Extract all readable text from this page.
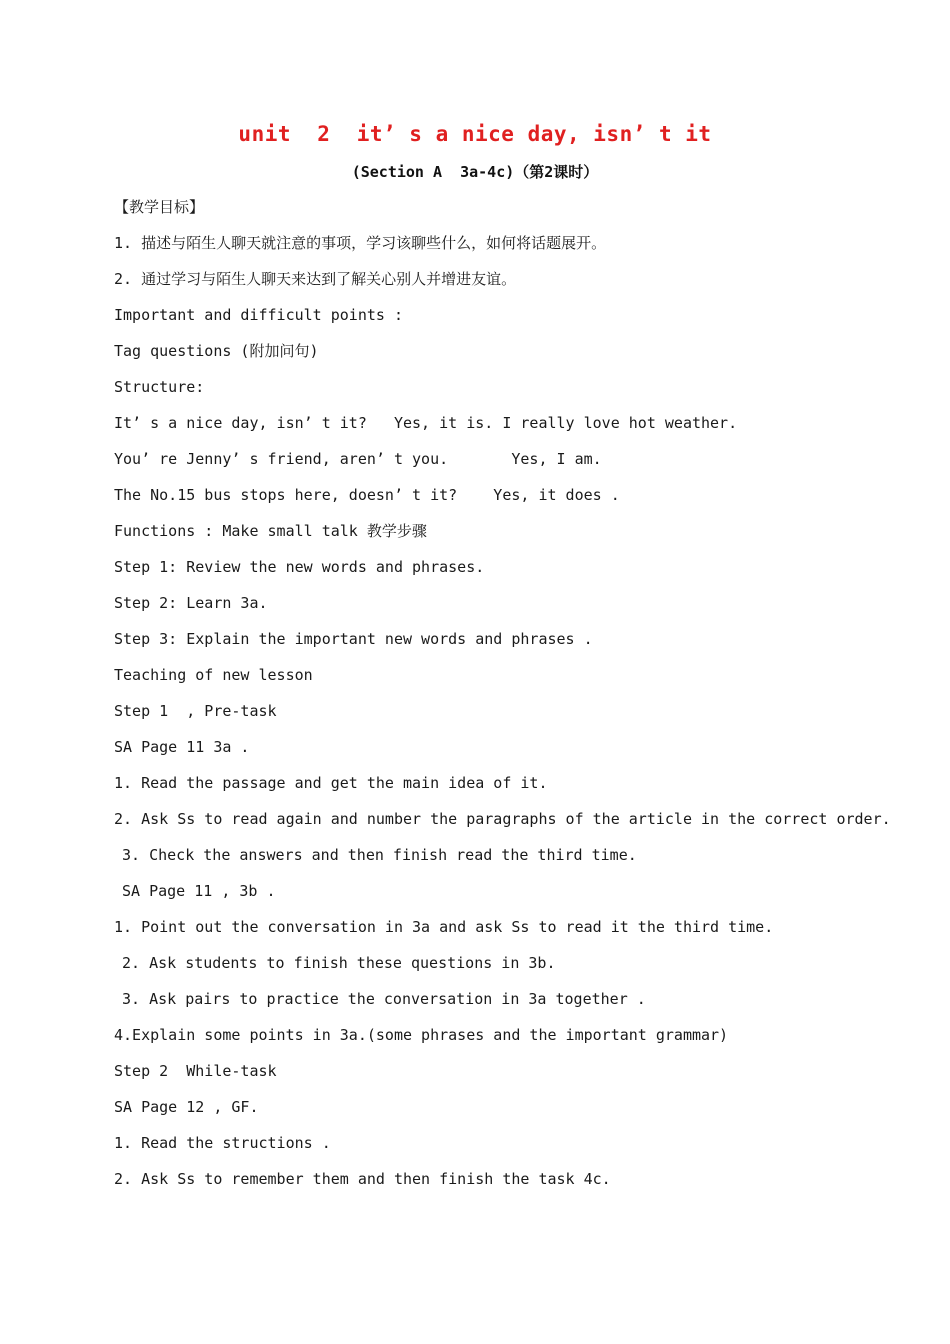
unit  2  it’ s a nice day, isn’ t it
(Section A  3a-4c)（第2课时）
【教学目标】
1. 描述与陌生人聊天就注意的事项，学习该聊些什么，如何将话题展开。
2. 通过学习与陌生人聊天来达到了解关心别人并增进友谊。
Important and difficult points :
Tag questions (附加问句)
Structure:
It’ s a nice day, isn’ t it?   Yes, it is. I really love hot weather.
You’ re Jenny’ s friend, aren’ t you.       Yes, I am.
The No.15 bus stops here, doesn’ t it?    Yes, it does .
Functions : Make small talk 教学步骤
Step 1: Review the new words and phrases.
Step 2: Learn 3a.
Step 3: Explain the important new words and phrases .
Teaching of new lesson
Step 1  , Pre-task
SA Page 11 3a .
1. Read the passage and get the main idea of it.
2. Ask Ss to read again and number the paragraphs of the article in the correct order.
3. Check the answers and then finish read the third time.
SA Page 11 , 3b .
1. Point out the conversation in 3a and ask Ss to read it the third time.
2. Ask students to finish these questions in 3b.
3. Ask pairs to practice the conversation in 3a together .
4.Explain some points in 3a.(some phrases and the important grammar)
Step 2  While-task
SA Page 12 , GF.
1. Read the structions .
2. Ask Ss to remember them and then finish the task 4c.
